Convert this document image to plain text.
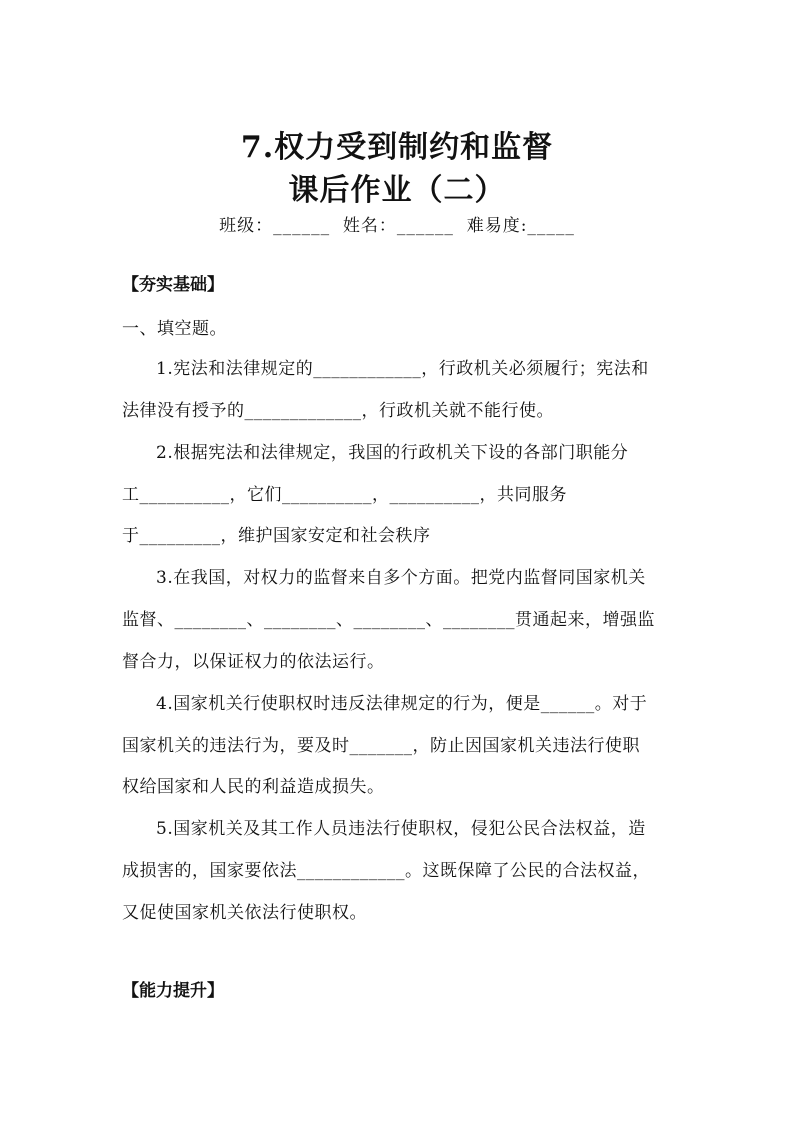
7.权力受到制约和监督
课后作业（二）
班级：______  姓名：______  难易度:_____
【夯实基础】
一、填空题。
1.宪法和法律规定的____________，行政机关必须履行；宪法和
法律没有授予的_____________，行政机关就不能行使。
2.根据宪法和法律规定，我国的行政机关下设的各部门职能分
工__________，它们__________，__________，共同服务
于_________，维护国家安定和社会秩序
3.在我国，对权力的监督来自多个方面。把党内监督同国家机关
监督、________、________、________、________贯通起来，增强监
督合力，以保证权力的依法运行。
4.国家机关行使职权时违反法律规定的行为，便是______。对于
国家机关的违法行为，要及时_______，防止因国家机关违法行使职
权给国家和人民的利益造成损失。
5.国家机关及其工作人员违法行使职权，侵犯公民合法权益，造
成损害的，国家要依法____________。这既保障了公民的合法权益，
又促使国家机关依法行使职权。
【能力提升】
